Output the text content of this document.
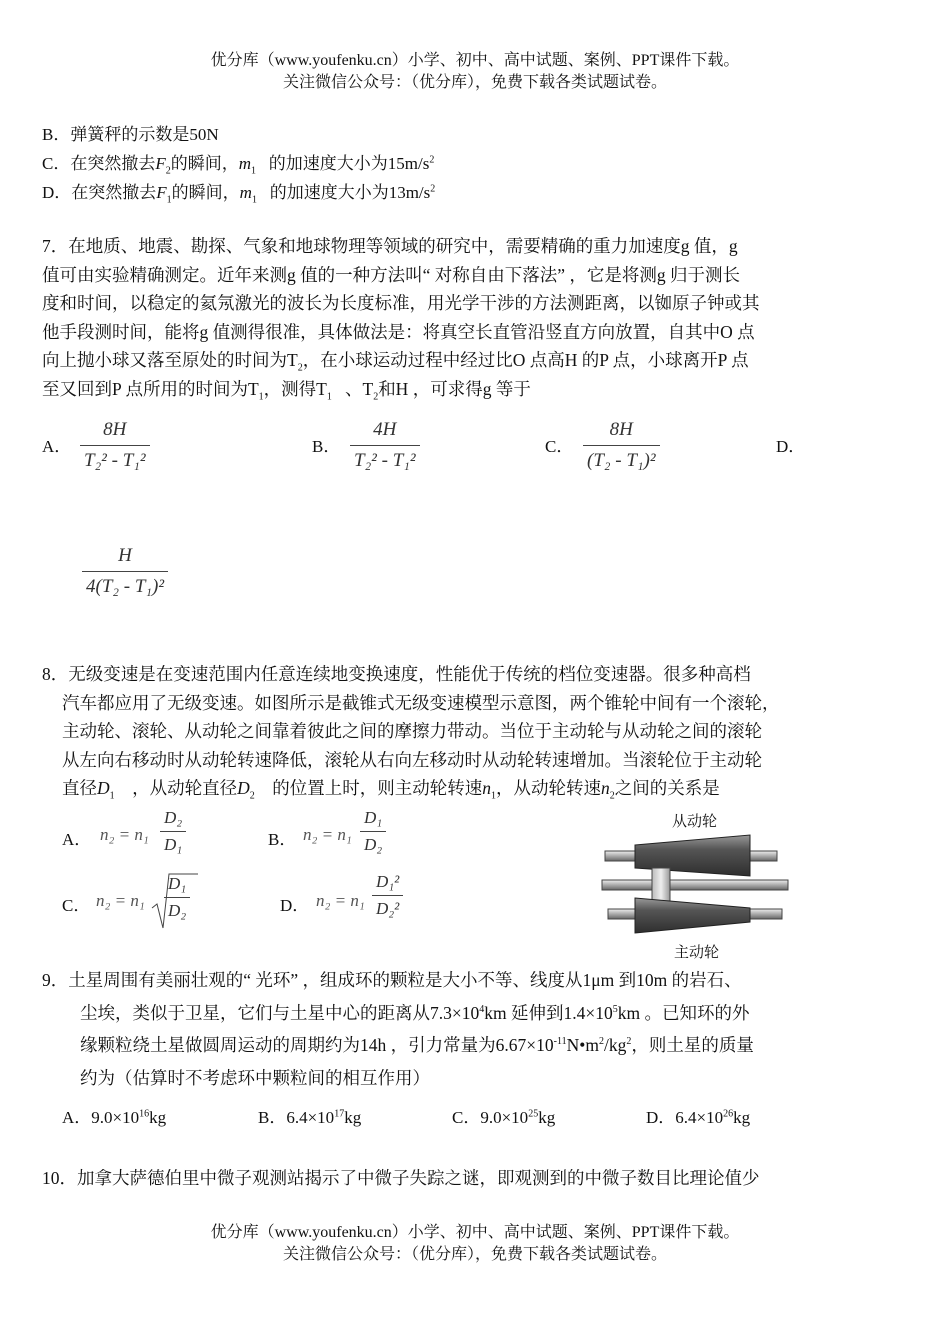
优分库（www.youfenku.cn）小学、初中、高中试题、案例、PPT课件下载。
关注微信公众号：（优分库），免费下载各类试题试卷。
B．弹簧秤的示数是50N
C．在突然撤去$F_2$的瞬间，$m_1$ 的加速度大小为$15m/s^2$
D．在突然撤去$F_1$的瞬间，$m_1$ 的加速度大小为$13m/s^2$
7．在地质、地震、勘探、气象和地球物理等领域的研究中，需要精确的重力加速度g 值，g
值可由实验精确测定。近年来测g 值的一种方法叫“ 对称自由下落法” ，它是将测g 归于测长
度和时间，以稳定的氦氖激光的波长为长度标准，用光学干涉的方法测距离，以铷原子钟或其
他手段测时间，能将g 值测得很准，具体做法是：将真空长直管沿竖直方向放置，自其中O 点
向上抛小球又落至原处的时间为$T_2$，在小球运动过程中经过比O 点高H 的P 点，小球离开P 点
至又回到P 点所用的时间为$T_1$，测得$T_1$ 、$T_2$和H ，可求得g 等于
A．
8H
T₂² - T₁²
B．
4H
T₂² - T₁²
C．
8H
(T₂ - T₁)²
D．
H
4(T₂ - T₁)²
8．无级变速是在变速范围内任意连续地变换速度，性能优于传统的档位变速器。很多种高档
汽车都应用了无级变速。如图所示是截锥式无级变速模型示意图，两个锥轮中间有一个滚轮，
主动轮、滚轮、从动轮之间靠着彼此之间的摩擦力带动。当位于主动轮与从动轮之间的滚轮
从左向右移动时从动轮转速降低，滚轮从右向左移动时从动轮转速增加。当滚轮位于主动轮
直径$D_1$ ，从动轮直径$D_2$ 的位置上时，则主动轮转速$n_1$，从动轮转速$n_2$之间的关系是
A． n₂ = n₁
D₂
D₁	B． n₂ = n₁
D₁
D₂
C． n₂ = n₁
D₁
D₂	D． n₂ = n₁
D₁²
D₂²
从动轮
主动轮
9．土星周围有美丽壮观的“ 光环” ，组成环的颗粒是大小不等、线度从1μm 到10m 的岩石、
尘埃，类似于卫星，它们与土星中心的距离从$7.3\times 10^4km$ 延伸到$1.4\times 10^5km$ 。已知环的外
缘颗粒绕土星做圆周运动的周期约为14h ，引力常量为$6.67\times 10^{-11}N•m^2/kg^2$，则土星的质量
约为（估算时不考虑环中颗粒间的相互作用）
A．$9.0\times 10^{16}kg$	B．$6.4\times 10^{17}kg$	C．$9.0\times 10^{25}kg$	D．$6.4\times 10^{26}kg$
10．加拿大萨德伯里中微子观测站揭示了中微子失踪之谜，即观测到的中微子数目比理论值少
优分库（www.youfenku.cn）小学、初中、高中试题、案例、PPT课件下载。
关注微信公众号：（优分库），免费下载各类试题试卷。
